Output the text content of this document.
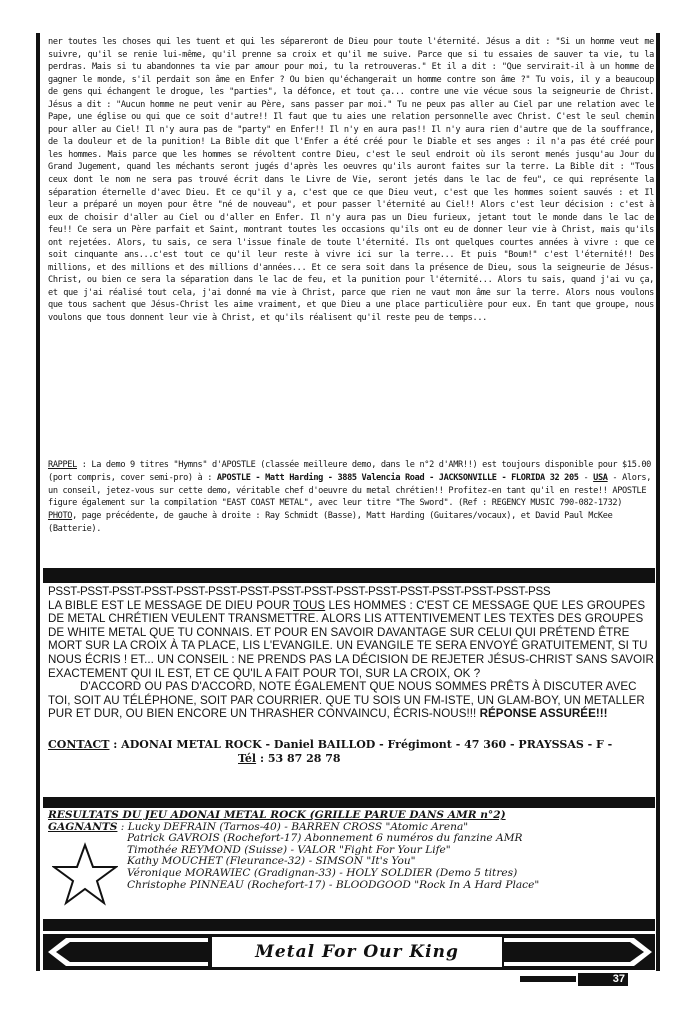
ner toutes les choses qui les tuent et qui les sépareront de Dieu pour toute l'éternité. Jésus a dit : "Si un homme veut me suivre, qu'il se renie lui-même, qu'il prenne sa croix et qu'il me suive. Parce que si tu essaies de sauver ta vie, tu la perdras. Mais si tu abandonnes ta vie par amour pour moi, tu la retrouveras." Et il a dit : "Que servirait-il à un homme de gagner le monde, s'il perdait son âme en Enfer ? Ou bien qu'échangerait un homme contre son âme ?" Tu vois, il y a beaucoup de gens qui échangent le drogue, les "parties", la défonce, et tout ça... contre une vie vécue sous la seigneurie de Christ. Jésus a dit : "Aucun homme ne peut venir au Père, sans passer par moi." Tu ne peux pas aller au Ciel par une relation avec le Pape, une église ou qui que ce soit d'autre!! Il faut que tu aies une relation personnelle avec Christ. C'est le seul chemin pour aller au Ciel! Il n'y aura pas de "party" en Enfer!! Il n'y en aura pas!! Il n'y aura rien d'autre que de la souffrance, de la douleur et de la punition! La Bible dit que l'Enfer a été créé pour le Diable et ses anges : il n'a pas été créé pour les hommes. Mais parce que les hommes se révoltent contre Dieu, c'est le seul endroit où ils seront menés jusqu'au Jour du Grand Jugement, quand les méchants seront jugés d'après les oeuvres qu'ils auront faites sur la terre. La Bible dit : "Tous ceux dont le nom ne sera pas trouvé écrit dans le Livre de Vie, seront jetés dans le lac de feu", ce qui représente la séparation éternelle d'avec Dieu. Et ce qu'il y a, c'est que ce que Dieu veut, c'est que les hommes soient sauvés : et Il leur a préparé un moyen pour être "né de nouveau", et pour passer l'éternité au Ciel!! Alors c'est leur décision : c'est à eux de choisir d'aller au Ciel ou d'aller en Enfer. Il n'y aura pas un Dieu furieux, jetant tout le monde dans le lac de feu!! Ce sera un Père parfait et Saint, montrant toutes les occasions qu'ils ont eu de donner leur vie à Christ, mais qu'ils ont rejetées. Alors, tu sais, ce sera l'issue finale de toute l'éternité. Ils ont quelques courtes années à vivre : que ce soit cinquante ans...c'est tout ce qu'il leur reste à vivre ici sur la terre... Et puis "Boum!" c'est l'éternité!! Des millions, et des millions et des millions d'années... Et ce sera soit dans la présence de Dieu, sous la seigneurie de Jésus-Christ, ou bien ce sera la séparation dans le lac de feu, et la punition pour l'éternité... Alors tu sais, quand j'ai vu ça, et que j'ai réalisé tout cela, j'ai donné ma vie à Christ, parce que rien ne vaut mon âme sur la terre. Alors nous voulons que tous sachent que Jésus-Christ les aime vraiment, et que Dieu a une place particulière pour eux. En tant que groupe, nous voulons que tous donnent leur vie à Christ, et qu'ils réalisent qu'il reste peu de temps...

RAPPEL : La demo 9 titres "Hymns" d'APOSTLE (classée meilleure demo, dans le n°2 d'AMR!!) est toujours disponible pour $15.00 (port compris, cover semi-pro) à : APOSTLE - Matt Harding - 3885 Valencia Road - JACKSONVILLE - FLORIDA 32 205 - USA - Alors, un conseil, jetez-vous sur cette demo, véritable chef d'oeuvre du metal chrétien!! Profitez-en tant qu'il en reste!! APOSTLE figure également sur la compilation "EAST COAST METAL", avec leur titre "The Sword". (Ref : REGENCY MUSIC 790-082-1732)

PHOTO, page précédente, de gauche à droite : Ray Schmidt (Basse), Matt Harding (Guitares/vocaux), et David Paul McKee (Batterie).

PSST-PSST-PSST-PSST-PSST-PSST-PSST-PSST-PSST-PSST-PSST-PSST-PSST-PSST-PSST-PSS

LA BIBLE EST LE MESSAGE DE DIEU POUR TOUS LES HOMMES : C'EST CE MESSAGE QUE LES GROUPES DE METAL CHRÉTIEN VEULENT TRANSMETTRE. ALORS LIS ATTENTIVEMENT LES TEXTES DES GROUPES DE WHITE METAL QUE TU CONNAIS. ET POUR EN SAVOIR DAVANTAGE SUR CELUI QUI PRÉTEND ÊTRE MORT SUR LA CROIX À TA PLACE, LIS L'EVANGILE. UN EVANGILE TE SERA ENVOYÉ GRATUITEMENT, SI TU NOUS ÉCRIS ! ET... UN CONSEIL : NE PRENDS PAS LA DÉCISION DE REJETER JÉSUS-CHRIST SANS SAVOIR EXACTEMENT QUI IL EST, ET CE QU'IL A FAIT POUR TOI, SUR LA CROIX, OK ?

D'ACCORD OU PAS D'ACCORD, NOTE ÉGALEMENT QUE NOUS SOMMES PRÊTS À DISCUTER AVEC TOI, SOIT AU TÉLÉPHONE, SOIT PAR COURRIER. QUE TU SOIS UN FM-ISTE, UN GLAM-BOY, UN METALLER PUR ET DUR, OU BIEN ENCORE UN THRASHER CONVAINCU, ÉCRIS-NOUS!!! RÉPONSE ASSURÉE!!!

CONTACT : ADONAI METAL ROCK - Daniel BAILLOD - Frégimont - 47 360 - PRAYSSAS - F -
Tél : 53 87 28 78
RESULTATS DU JEU ADONAI METAL ROCK (GRILLE PARUE DANS AMR n°2)
GAGNANTS : Lucky DEFRAIN (Tarnos-40) - BARREN CROSS "Atomic Arena"
Patrick GAVROIS (Rochefort-17) Abonnement 6 numéros du fanzine AMR
Timothée REYMOND (Suisse) - VALOR "Fight For Your Life"
Kathy MOUCHET (Fleurance-32) - SIMSON "It's You"
Véronique MORAWIEC (Gradignan-33) - HOLY SOLDIER (Demo 5 titres)
Christophe PINNEAU (Rochefort-17) - BLOODGOOD "Rock In A Hard Place"
Metal For Our King
37
